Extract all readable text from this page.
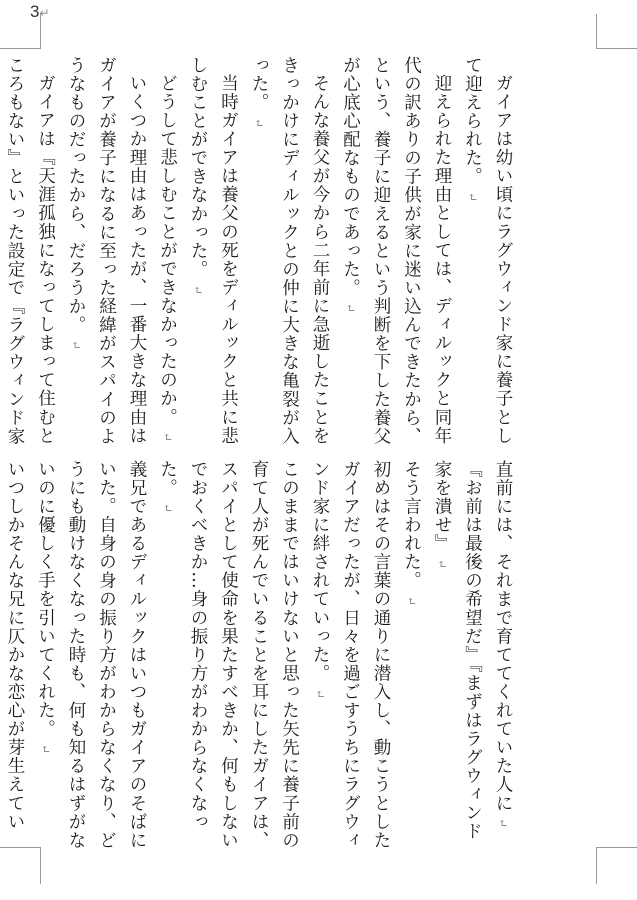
3↵

ガイアは幼い頃にラグウィンド家に養子として迎えられた。↵

迎えられた理由としては、ディルックと同年代の訳ありの子供が家に迷い込んできたから、という、養子に迎えるという判断を下した養父が心底心配なものであった。↵

そんな養父が今から二年前に急逝したことをきっかけにディルックとの仲に大きな亀裂が入った。↵

当時ガイアは養父の死をディルックと共に悲しむことができなかった。↵

どうして悲しむことができなかったのか。↵

いくつか理由はあったが、一番大きな理由はガイアが養子になるに至った経緯がスパイのようなものだったから、だろうか。↵

ガイアは『天涯孤独になってしまって住むところもない』といった設定で『ラグウィンド家

直前には、それまで育ててくれていた人に↵

『お前は最後の希望だ』『まずはラグウィンド家を潰せ』↵

そう言われた。↵

初めはその言葉の通りに潜入し、動こうとしたガイアだったが、日々を過ごすうちにラグウィンド家に絆されていった。↵

このままではいけないと思った矢先に養子前の育て人が死んでいることを耳にしたガイアは、スパイとして使命を果たすべきか、何もしないでおくべきか…身の振り方がわからなくなった。↵

義兄であるディルックはいつもガイアのそばにいた。自身の身の振り方がわからなくなり、どうにも動けなくなった時も、何も知るはずがないのに優しく手を引いてくれた。↵

いつしかそんな兄に仄かな恋心が芽生えてい
